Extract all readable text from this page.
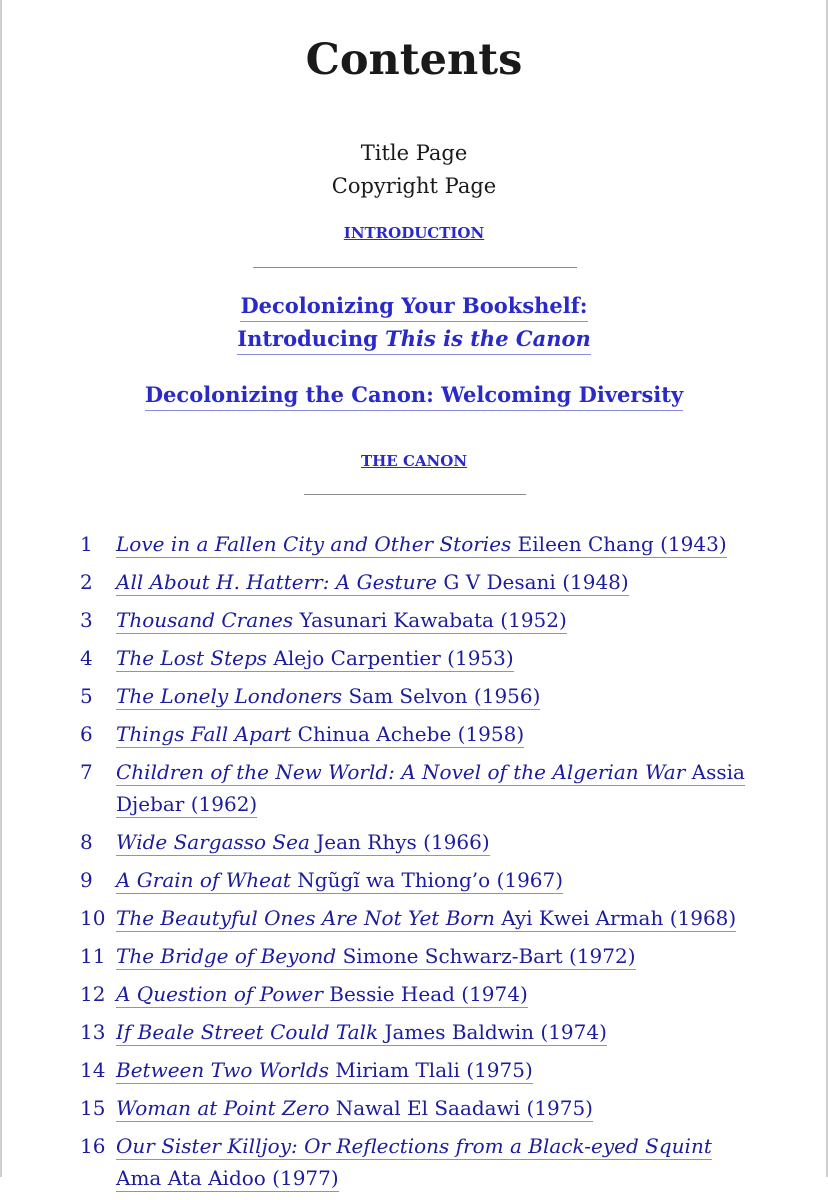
Contents
Title Page
Copyright Page
INTRODUCTION
Decolonizing Your Bookshelf:
Introducing This is the Canon
Decolonizing the Canon: Welcoming Diversity
THE CANON
1 Love in a Fallen City and Other Stories Eileen Chang (1943)
2 All About H. Hatterr: A Gesture G V Desani (1948)
3 Thousand Cranes Yasunari Kawabata (1952)
4 The Lost Steps Alejo Carpentier (1953)
5 The Lonely Londoners Sam Selvon (1956)
6 Things Fall Apart Chinua Achebe (1958)
7 Children of the New World: A Novel of the Algerian War Assia Djebar (1962)
8 Wide Sargasso Sea Jean Rhys (1966)
9 A Grain of Wheat Ngũgĩ wa Thiong’o (1967)
10 The Beautyful Ones Are Not Yet Born Ayi Kwei Armah (1968)
11 The Bridge of Beyond Simone Schwarz-Bart (1972)
12 A Question of Power Bessie Head (1974)
13 If Beale Street Could Talk James Baldwin (1974)
14 Between Two Worlds Miriam Tlali (1975)
15 Woman at Point Zero Nawal El Saadawi (1975)
16 Our Sister Killjoy: Or Reflections from a Black-eyed Squint Ama Ata Aidoo (1977)
